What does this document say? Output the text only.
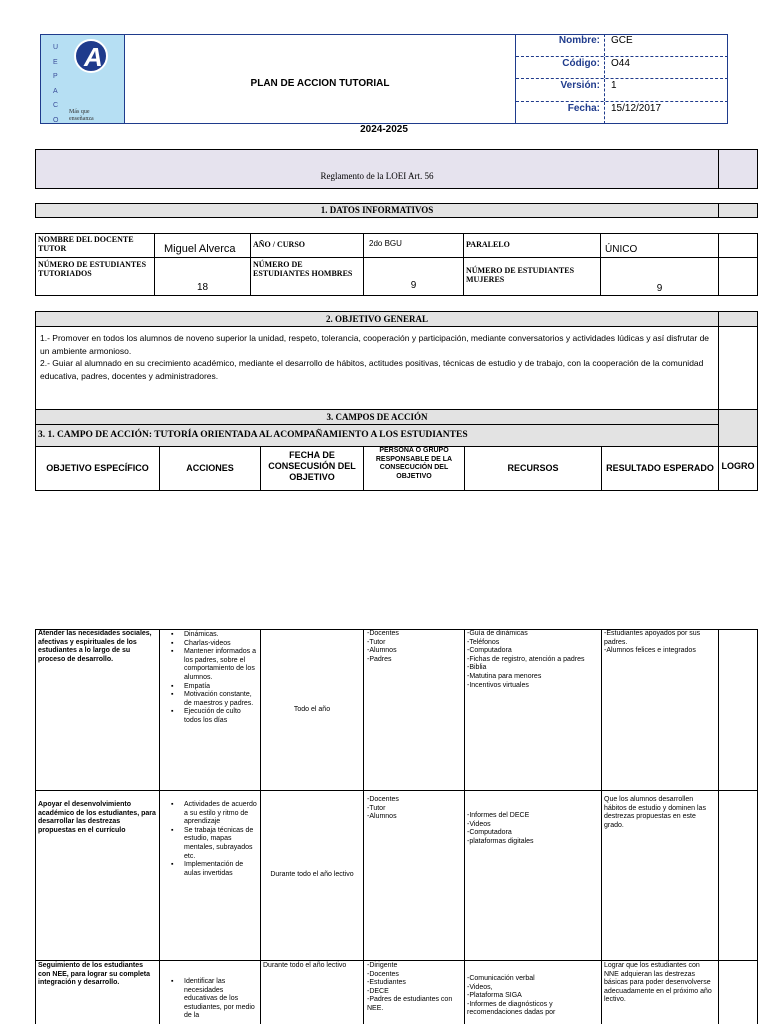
U
E
P
A
C
O
A
Más que
enseñanza
PLAN DE ACCION TUTORIAL
Nombre:	GCE
Código:	O44
Versión:	1
Fecha:	15/12/2017
2024-2025
Reglamento de la LOEI Art. 56
1. DATOS INFORMATIVOS
NOMBRE DEL DOCENTE TUTOR	Miguel Alverca	AÑO / CURSO	2do BGU	PARALELO	ÚNICO
NÚMERO DE ESTUDIANTES TUTORIADOS
18
NÚMERO DE ESTUDIANTES HOMBRES
9
NÚMERO DE ESTUDIANTES MUJERES
9
2. OBJETIVO GENERAL
1.- Promover en todos los alumnos de noveno superior la unidad, respeto, tolerancia, cooperación y participación, mediante conversatorios y actividades lúdicas y así disfrutar de un ambiente armonioso.
2.- Guiar al alumnado en su crecimiento académico, mediante el desarrollo de hábitos, actitudes positivas, técnicas de estudio y de trabajo, con la cooperación de la comunidad educativa, padres, docentes y administradores.
3. CAMPOS DE ACCIÓN
3. 1. CAMPO DE ACCIÓN: TUTORÍA ORIENTADA AL ACOMPAÑAMIENTO A LOS ESTUDIANTES
OBJETIVO ESPECÍFICO	ACCIONES
FECHA DE CONSECUSIÓN DEL OBJETIVO
PERSONA O GRUPO RESPONSABLE DE LA CONSECUCIÓN DEL OBJETIVO
RECURSOS	RESULTADO ESPERADO LOGRO
Atender las necesidades sociales, afectivas y espirituales de los estudiantes a lo largo de su proceso de desarrollo.
▪ Dinámicas.
▪ Charlas-videos
▪ Mantener informados a los padres, sobre el comportamiento de los alumnos.
▪ Empatía
▪ Motivación constante, de maestros y padres.
▪ Ejecución de culto todos los días
Todo el año
-Docentes
-Tutor
-Alumnos
-Padres
-Guía de dinámicas
-Teléfonos
-Computadora
-Fichas de registro, atención a padres
-Biblia
-Matutina para menores
-Incentivos virtuales
-Estudiantes apoyados por sus padres.
-Alumnos felices e integrados
Apoyar el desenvolvimiento académico de los estudiantes, para desarrollar las destrezas propuestas en el currículo
▪ Actividades de acuerdo a su estilo y ritmo de aprendizaje
▪ Se trabaja técnicas de estudio, mapas mentales, subrayados etc.
▪ Implementación de aulas invertidas	Durante todo el año lectivo
-Docentes
-Tutor
-Alumnos	-Informes del DECE
-Videos
-Computadora
-plataformas digitales
Que los alumnos desarrollen hábitos de estudio y dominen las destrezas propuestas en este grado.
Seguimiento de los estudiantes con NEE, para lograr su completa integración y desarrollo.
▪	Identificar las necesidades educativas de los estudiantes, por medio de la
Durante todo el año lectivo	-Dirigente
-Docentes
-Estudiantes
-DECE
-Padres de estudiantes con NEE.
-Comunicación verbal
-Videos,
-Plataforma SIGA
-Informes de diagnósticos y recomendaciones dadas por
Lograr que los estudiantes con NNE adquieran las destrezas básicas para poder desenvolverse adecuadamente en el próximo año lectivo.
